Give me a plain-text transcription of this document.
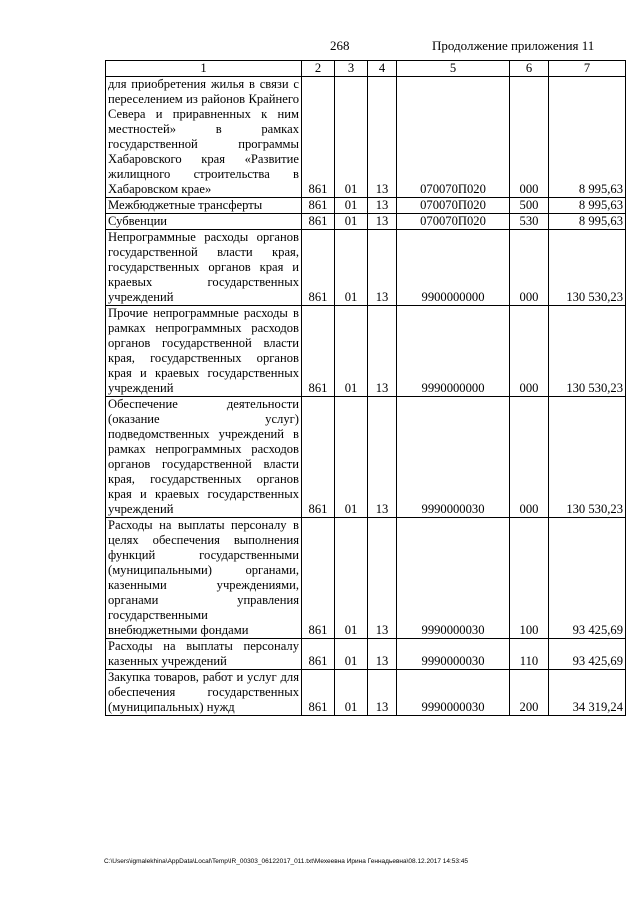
268	Продолжение приложения 11
1	2	3	4	5	6	7
для приобретения жилья в связи с переселением из районов Крайнего Севера и приравненных к ним местностей» в рамках государственной программы Хабаровского края «Развитие жилищного строительства в Хабаровском крае»	861	01	13	070070П020	000	8 995,63
Межбюджетные трансферты	861	01	13	070070П020	500	8 995,63
Субвенции	861	01	13	070070П020	530	8 995,63
Непрограммные расходы органов государственной власти края, государственных органов края и краевых государственных учреждений	861	01	13	9900000000	000	130 530,23
Прочие непрограммные расходы в рамках непрограммных расходов органов государственной власти края, государственных органов края и краевых государственных учреждений	861	01	13	9990000000	000	130 530,23
Обеспечение деятельности (оказание услуг) подведомственных учреждений в рамках непрограммных расходов органов государственной власти края, государственных органов края и краевых государственных учреждений	861	01	13	9990000030	000	130 530,23
Расходы на выплаты персоналу в целях обеспечения выполнения функций государственными (муниципальными) органами, казенными учреждениями, органами управления государственными внебюджетными фондами	861	01	13	9990000030	100	93 425,69
Расходы на выплаты персоналу казенных учреждений	861	01	13	9990000030	110	93 425,69
Закупка товаров, работ и услуг для обеспечения государственных (муниципальных) нужд	861	01	13	9990000030	200	34 319,24
C:\Users\igmalekhina\AppData\Local\Temp\IR_00303_06122017_011.txt\Мехеевна Ирина Геннадьевна\08.12.2017 14:53:45
